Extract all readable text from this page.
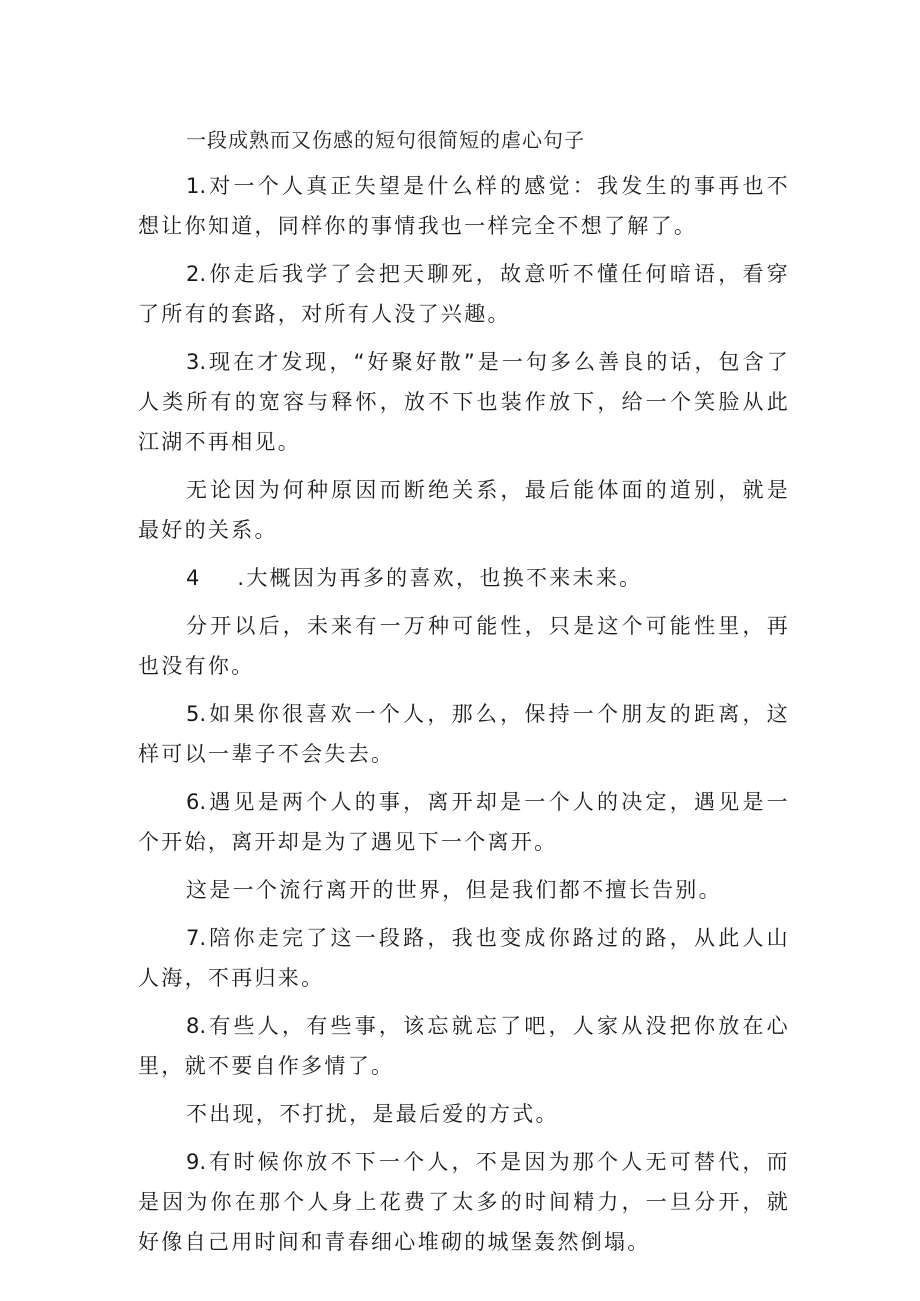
一段成熟而又伤感的短句很简短的虐心句子

1.对一个人真正失望是什么样的感觉：我发生的事再也不想让你知道，同样你的事情我也一样完全不想了解了。

2.你走后我学了会把天聊死，故意听不懂任何暗语，看穿了所有的套路，对所有人没了兴趣。

3.现在才发现，“好聚好散”是一句多么善良的话，包含了人类所有的宽容与释怀，放不下也装作放下，给一个笑脸从此江湖不再相见。

无论因为何种原因而断绝关系，最后能体面的道别，就是最好的关系。

4 .大概因为再多的喜欢，也换不来未来。

分开以后，未来有一万种可能性，只是这个可能性里，再也没有你。

5.如果你很喜欢一个人，那么，保持一个朋友的距离，这样可以一辈子不会失去。

6.遇见是两个人的事，离开却是一个人的决定，遇见是一个开始，离开却是为了遇见下一个离开。

这是一个流行离开的世界，但是我们都不擅长告别。

7.陪你走完了这一段路，我也变成你路过的路，从此人山人海，不再归来。

8.有些人，有些事，该忘就忘了吧，人家从没把你放在心里，就不要自作多情了。

不出现，不打扰，是最后爱的方式。

9.有时候你放不下一个人，不是因为那个人无可替代，而是因为你在那个人身上花费了太多的时间精力，一旦分开，就好像自己用时间和青春细心堆砌的城堡轰然倒塌。
